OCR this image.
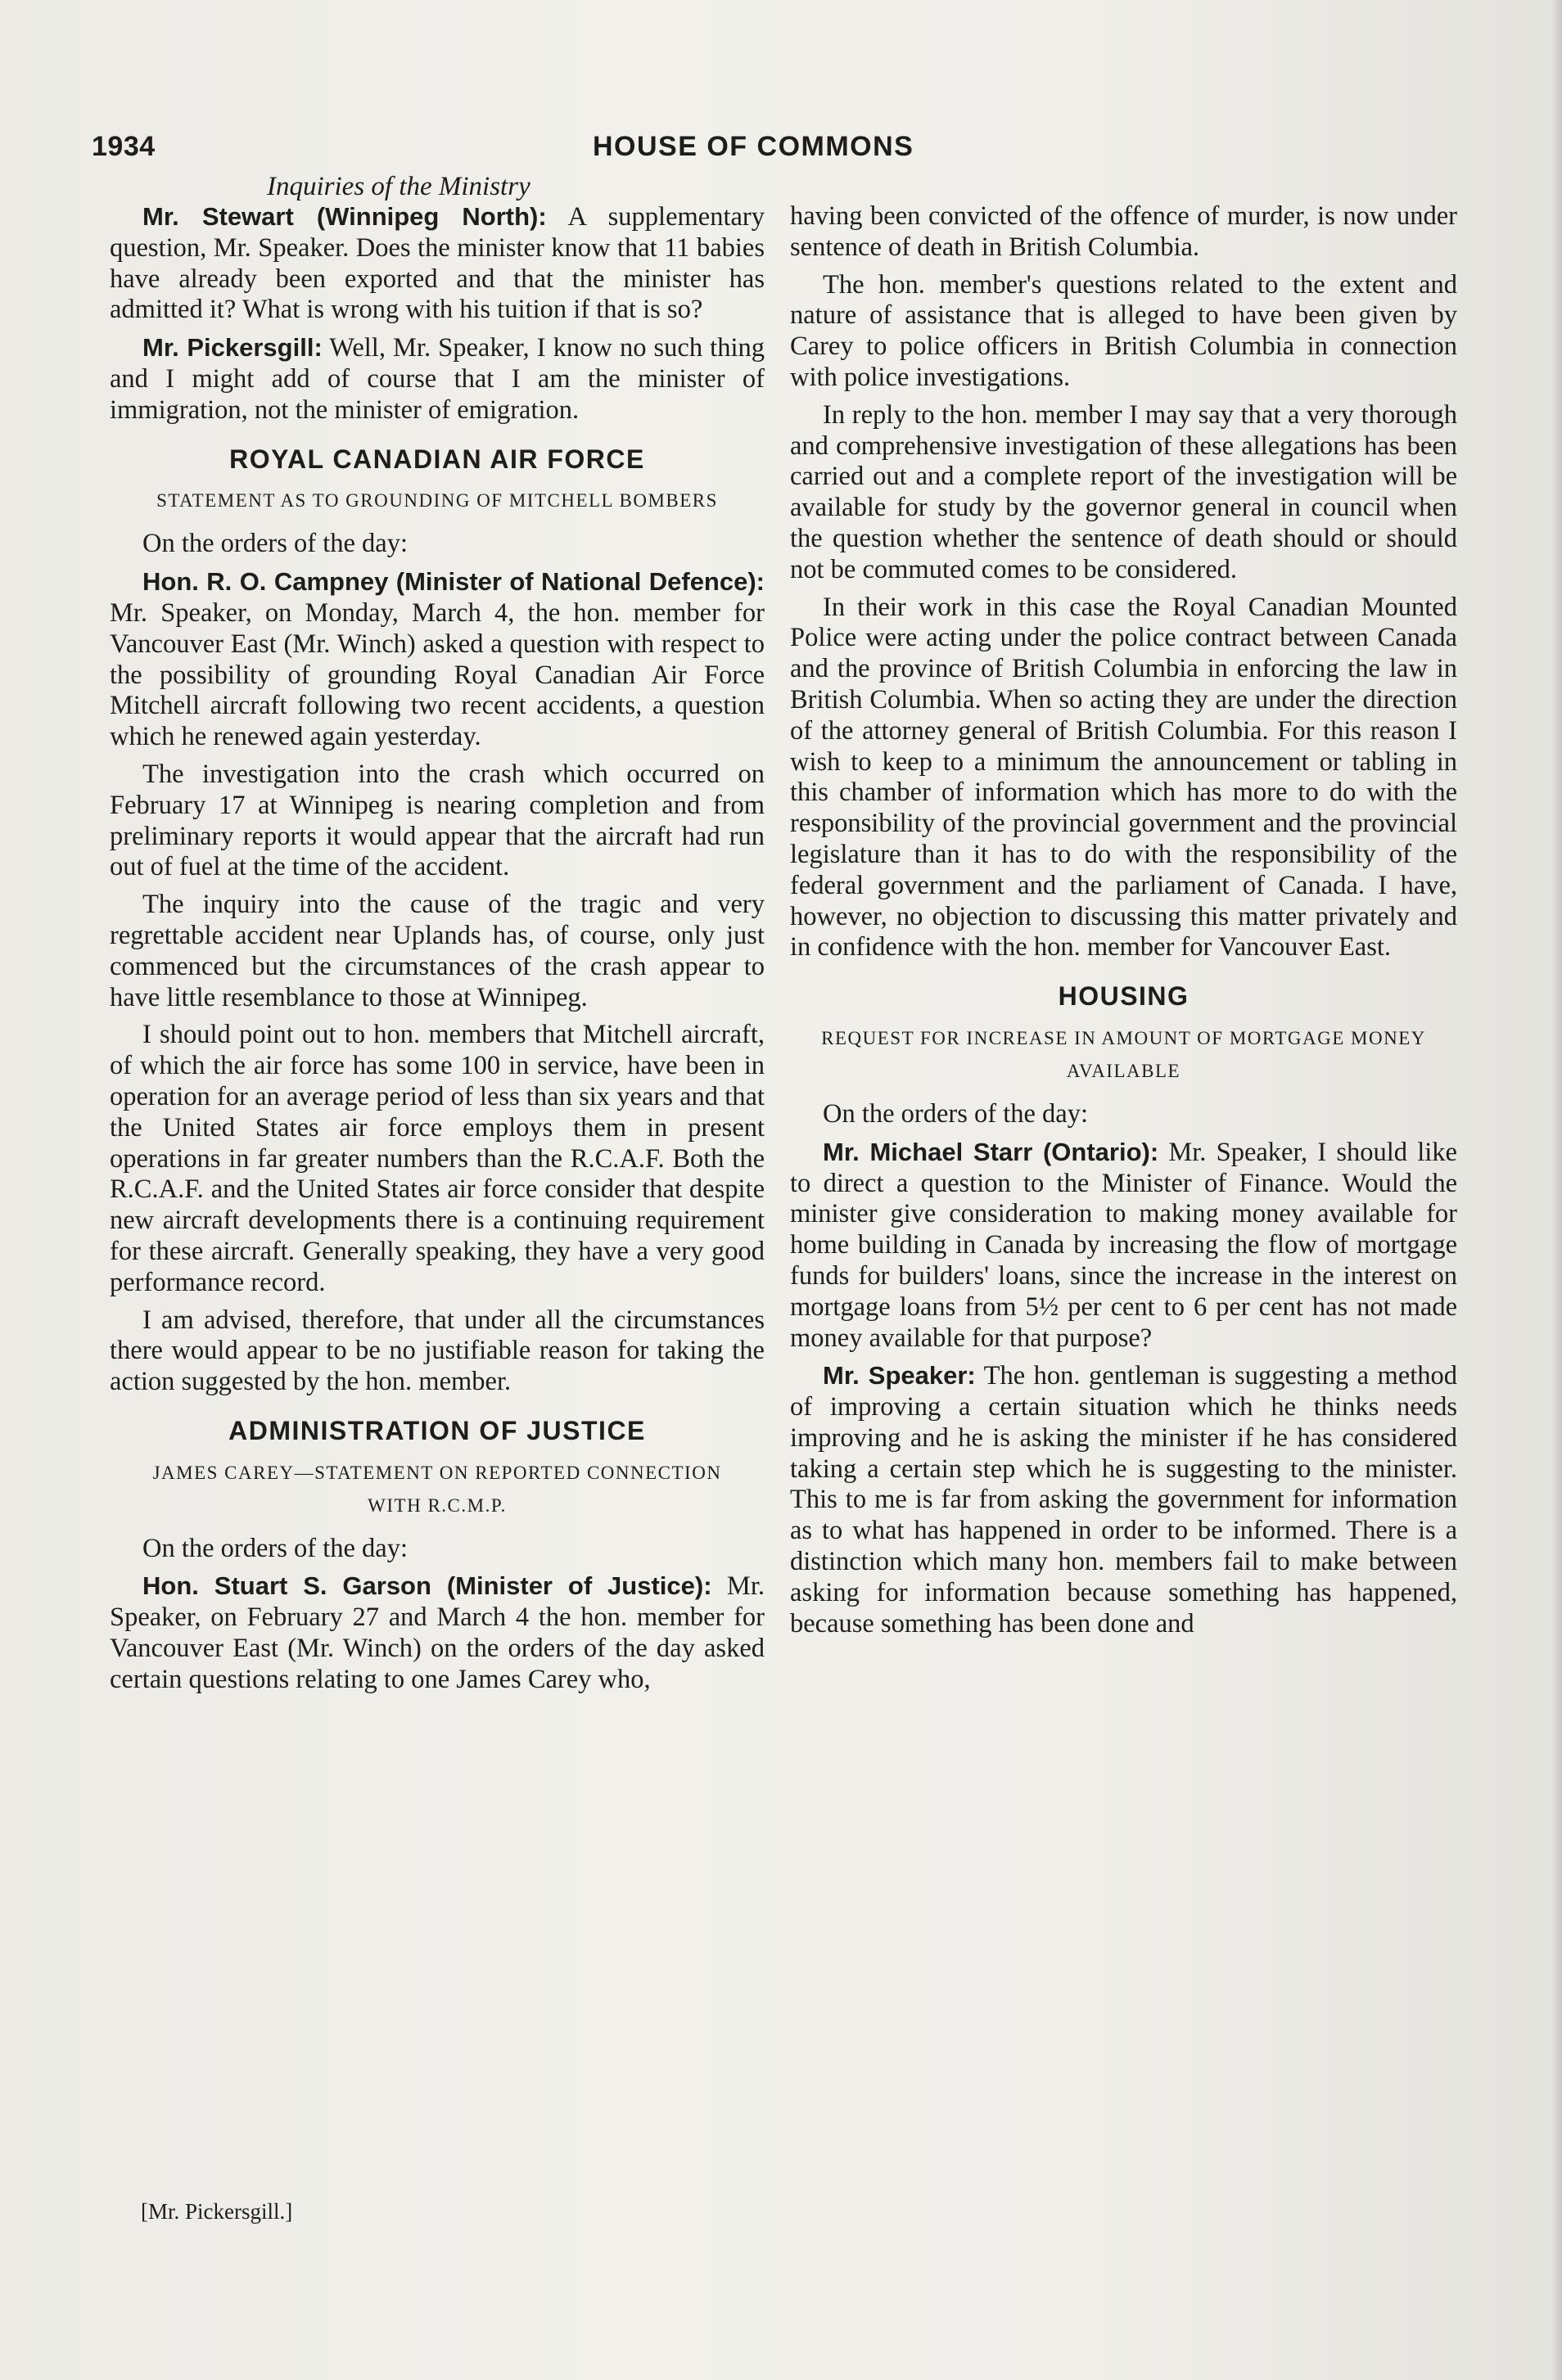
1934	HOUSE OF COMMONS
Inquiries of the Ministry

Mr. Stewart (Winnipeg North): A supplementary question, Mr. Speaker. Does the minister know that 11 babies have already been exported and that the minister has admitted it? What is wrong with his tuition if that is so?

Mr. Pickersgill: Well, Mr. Speaker, I know no such thing and I might add of course that I am the minister of immigration, not the minister of emigration.

ROYAL CANADIAN AIR FORCE
STATEMENT AS TO GROUNDING OF MITCHELL BOMBERS

On the orders of the day:

Hon. R. O. Campney (Minister of National Defence): Mr. Speaker, on Monday, March 4, the hon. member for Vancouver East (Mr. Winch) asked a question with respect to the possibility of grounding Royal Canadian Air Force Mitchell aircraft following two recent accidents, a question which he renewed again yesterday.

The investigation into the crash which occurred on February 17 at Winnipeg is nearing completion and from preliminary reports it would appear that the aircraft had run out of fuel at the time of the accident.

The inquiry into the cause of the tragic and very regrettable accident near Uplands has, of course, only just commenced but the circumstances of the crash appear to have little resemblance to those at Winnipeg.

I should point out to hon. members that Mitchell aircraft, of which the air force has some 100 in service, have been in operation for an average period of less than six years and that the United States air force employs them in present operations in far greater numbers than the R.C.A.F. Both the R.C.A.F. and the United States air force consider that despite new aircraft developments there is a continuing requirement for these aircraft. Generally speaking, they have a very good performance record.

I am advised, therefore, that under all the circumstances there would appear to be no justifiable reason for taking the action suggested by the hon. member.

ADMINISTRATION OF JUSTICE
JAMES CAREY—STATEMENT ON REPORTED CONNECTION WITH R.C.M.P.

On the orders of the day:

Hon. Stuart S. Garson (Minister of Justice): Mr. Speaker, on February 27 and March 4 the hon. member for Vancouver East (Mr. Winch) on the orders of the day asked certain questions relating to one James Carey who,

having been convicted of the offence of murder, is now under sentence of death in British Columbia.

The hon. member's questions related to the extent and nature of assistance that is alleged to have been given by Carey to police officers in British Columbia in connection with police investigations.

In reply to the hon. member I may say that a very thorough and comprehensive investigation of these allegations has been carried out and a complete report of the investigation will be available for study by the governor general in council when the question whether the sentence of death should or should not be commuted comes to be considered.

In their work in this case the Royal Canadian Mounted Police were acting under the police contract between Canada and the province of British Columbia in enforcing the law in British Columbia. When so acting they are under the direction of the attorney general of British Columbia. For this reason I wish to keep to a minimum the announcement or tabling in this chamber of information which has more to do with the responsibility of the provincial government and the provincial legislature than it has to do with the responsibility of the federal government and the parliament of Canada. I have, however, no objection to discussing this matter privately and in confidence with the hon. member for Vancouver East.

HOUSING
REQUEST FOR INCREASE IN AMOUNT OF MORTGAGE MONEY AVAILABLE

On the orders of the day:

Mr. Michael Starr (Ontario): Mr. Speaker, I should like to direct a question to the Minister of Finance. Would the minister give consideration to making money available for home building in Canada by increasing the flow of mortgage funds for builders' loans, since the increase in the interest on mortgage loans from 5½ per cent to 6 per cent has not made money available for that purpose?

Mr. Speaker: The hon. gentleman is suggesting a method of improving a certain situation which he thinks needs improving and he is asking the minister if he has considered taking a certain step which he is suggesting to the minister. This to me is far from asking the government for information as to what has happened in order to be informed. There is a distinction which many hon. members fail to make between asking for information because something has happened, because something has been done and

[Mr. Pickersgill.]
